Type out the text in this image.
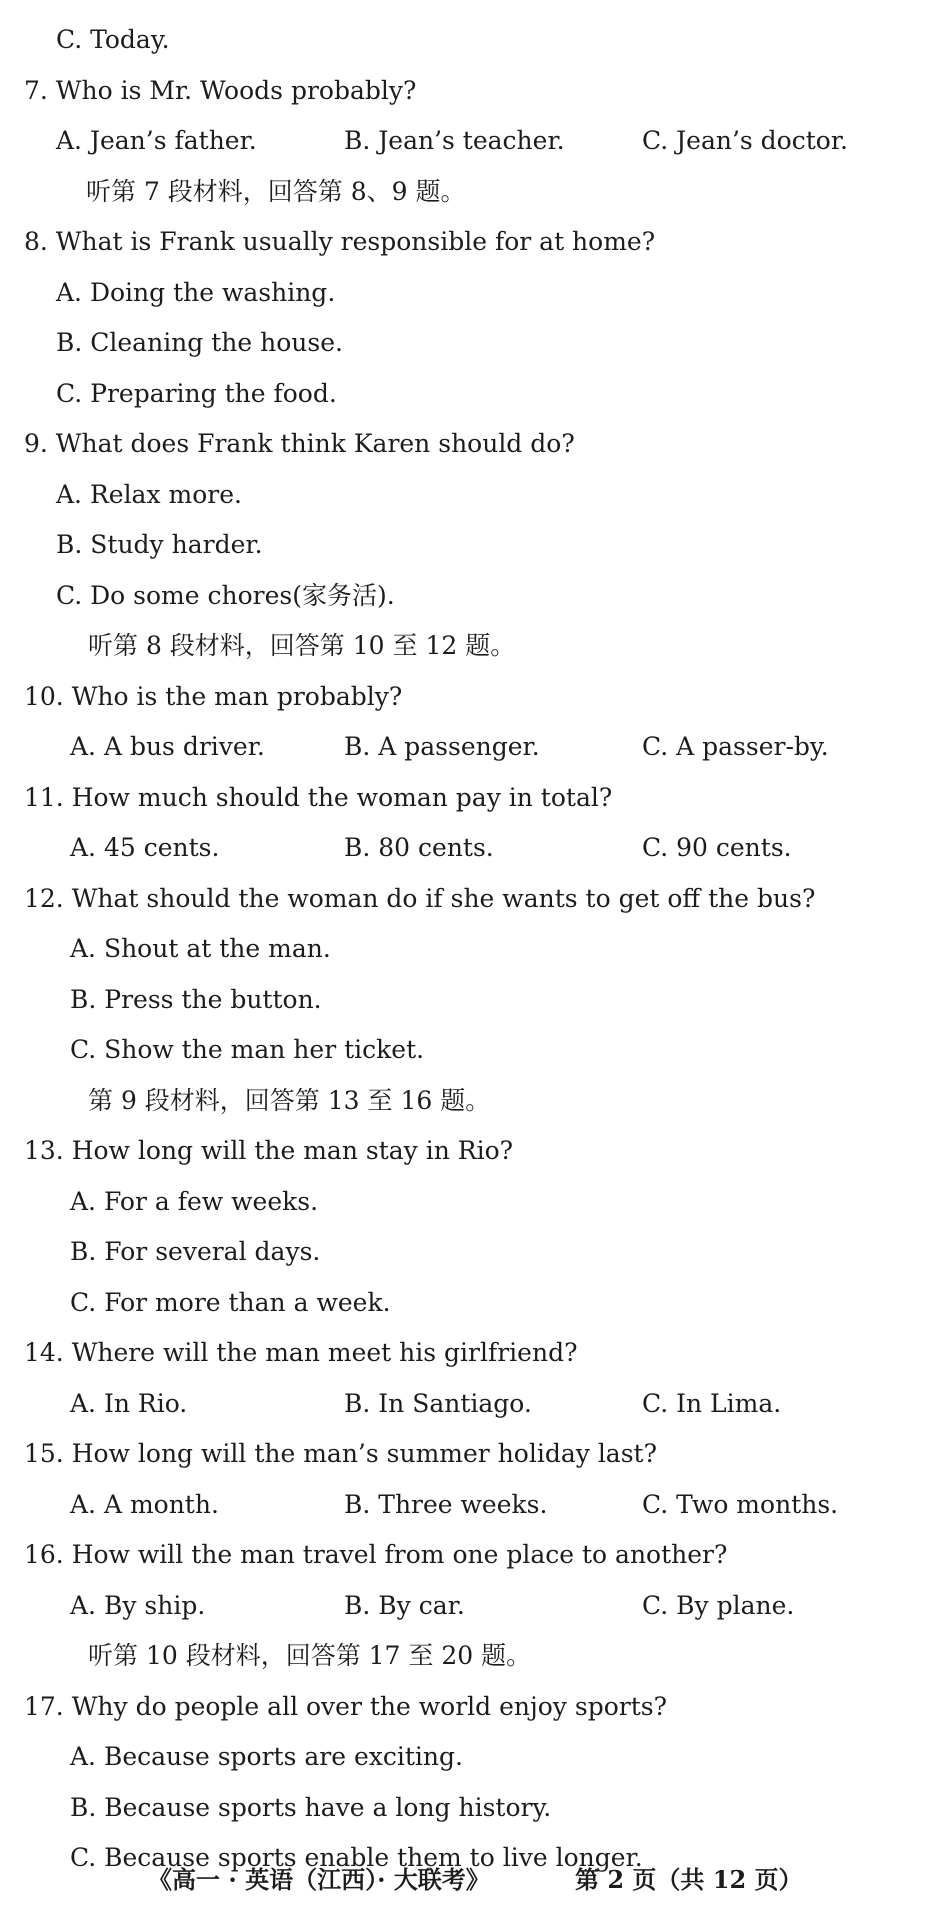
C. Today.
7. Who is Mr. Woods probably?
A. Jean’s father.	B. Jean’s teacher.	C. Jean’s doctor.
听第 7 段材料，回答第 8、9 题。
8. What is Frank usually responsible for at home?
A. Doing the washing.
B. Cleaning the house.
C. Preparing the food.
9. What does Frank think Karen should do?
A. Relax more.
B. Study harder.
C. Do some chores(家务活).
听第 8 段材料，回答第 10 至 12 题。
10. Who is the man probably?
A. A bus driver.	B. A passenger.	C. A passer-by.
11. How much should the woman pay in total?
A. 45 cents.	B. 80 cents.	C. 90 cents.
12. What should the woman do if she wants to get off the bus?
A. Shout at the man.
B. Press the button.
C. Show the man her ticket.
第 9 段材料，回答第 13 至 16 题。
13. How long will the man stay in Rio?
A. For a few weeks.
B. For several days.
C. For more than a week.
14. Where will the man meet his girlfriend?
A. In Rio.	B. In Santiago.	C. In Lima.
15. How long will the man’s summer holiday last?
A. A month.	B. Three weeks.	C. Two months.
16. How will the man travel from one place to another?
A. By ship.	B. By car.	C. By plane.
听第 10 段材料，回答第 17 至 20 题。
17. Why do people all over the world enjoy sports?
A. Because sports are exciting.
B. Because sports have a long history.
C. Because sports enable them to live longer.
《高一 · 英语（江西）· 大联考》	第 2 页（共 12 页）
